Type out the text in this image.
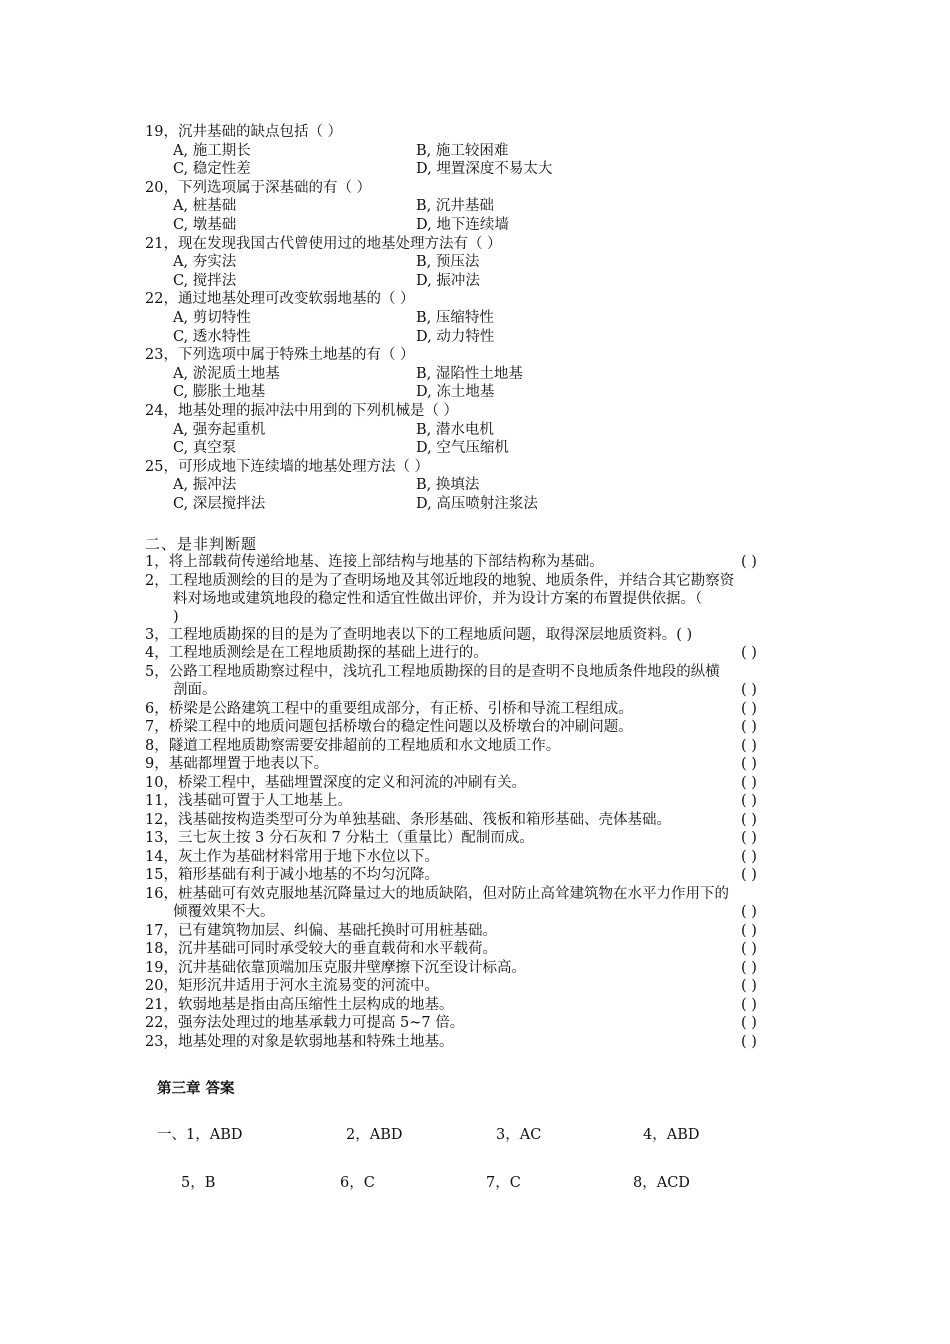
19，沉井基础的缺点包括（ ）
A, 施工期长	B, 施工较困难
C, 稳定性差	D, 埋置深度不易太大
20，下列选项属于深基础的有（ ）
A, 桩基础	B, 沉井基础
C, 墩基础	D, 地下连续墙
21，现在发现我国古代曾使用过的地基处理方法有（ ）
A, 夯实法	B, 预压法
C, 搅拌法	D, 振冲法
22，通过地基处理可改变软弱地基的（ ）
A, 剪切特性	B, 压缩特性
C, 透水特性	D, 动力特性
23，下列选项中属于特殊土地基的有（ ）
A, 淤泥质土地基	B, 湿陷性土地基
C, 膨胀土地基	D, 冻土地基
24，地基处理的振冲法中用到的下列机械是（ ）
A, 强夯起重机	B, 潜水电机
C, 真空泵	D, 空气压缩机
25，可形成地下连续墙的地基处理方法（ ）
A, 振冲法	B, 换填法
C, 深层搅拌法	D, 高压喷射注浆法
二、是非判断题
1，将上部载荷传递给地基、连接上部结构与地基的下部结构称为基础。	( )
2，工程地质测绘的目的是为了查明场地及其邻近地段的地貌、地质条件，并结合其它勘察资
料对场地或建筑地段的稳定性和适宜性做出评价，并为设计方案的布置提供依据。（
)
3，工程地质勘探的目的是为了查明地表以下的工程地质问题，取得深层地质资料。( )
4，工程地质测绘是在工程地质勘探的基础上进行的。	( )
5，公路工程地质勘察过程中，浅坑孔工程地质勘探的目的是查明不良地质条件地段的纵横
剖面。	( )
6，桥梁是公路建筑工程中的重要组成部分，有正桥、引桥和导流工程组成。	( )
7，桥梁工程中的地质问题包括桥墩台的稳定性问题以及桥墩台的冲刷问题。	( )
8，隧道工程地质勘察需要安排超前的工程地质和水文地质工作。	( )
9，基础都埋置于地表以下。	( )
10，桥梁工程中，基础埋置深度的定义和河流的冲刷有关。	( )
11，浅基础可置于人工地基上。	( )
12，浅基础按构造类型可分为单独基础、条形基础、筏板和箱形基础、壳体基础。	( )
13，三七灰土按 3 分石灰和 7 分粘土（重量比）配制而成。	( )
14，灰土作为基础材料常用于地下水位以下。	( )
15，箱形基础有利于减小地基的不均匀沉降。	( )
16，桩基础可有效克服地基沉降量过大的地质缺陷，但对防止高耸建筑物在水平力作用下的
倾覆效果不大。	( )
17，已有建筑物加层、纠偏、基础托换时可用桩基础。	( )
18，沉井基础可同时承受较大的垂直载荷和水平载荷。	( )
19，沉井基础依靠顶端加压克服井壁摩擦下沉至设计标高。	( )
20，矩形沉井适用于河水主流易变的河流中。	( )
21，软弱地基是指由高压缩性土层构成的地基。	( )
22，强夯法处理过的地基承载力可提高 5~7 倍。	( )
23，地基处理的对象是软弱地基和特殊土地基。	( )
第三章 答案
一、1，ABD	2，ABD	3，AC	4，ABD
5，B	6，C	7，C	8，ACD
